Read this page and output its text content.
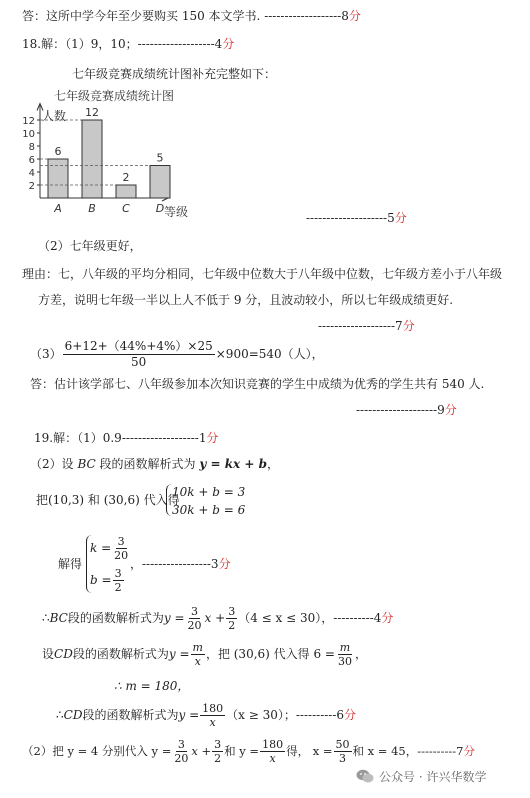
答：这所中学今年至少要购买 150 本文学书. -------------------8分
18.解：（1）9，10；-------------------4分
七年级竞赛成绩统计图补充完整如下：
七年级竞赛成绩统计图
人数
等级
2
4
6
8
10
12
6
A
12
B
2
C
5
D
--------------------5分
（2）七年级更好，
理由：七，八年级的平均分相同，七年级中位数大于八年级中位数，七年级方差小于八年级
方差，说明七年级一半以上人不低于 9 分，且波动较小，所以七年级成绩更好.
-------------------7分
$(3) \frac{6+12+(44\%+4\%)\times 25}{50} \times 900=540$（人），
答：估计该学部七、八年级参加本次知识竞赛的学生中成绩为优秀的学生共有 540 人.
--------------------9分
19.解：（1）0.9-------------------1分
（2）设 BC 段的函数解析式为 y = kx + b，
把(10,3) 和 (30,6) 代入得
10k + b = 3
30k + b = 6
解得
$k = \frac{3}{20}$
$b = \frac{3}{2}$
，-----------------3分
∴ BC 段的函数解析式为 $y = \frac{3}{20}$ $x + \frac{3}{2} (4 \le x \le 30)$， ----------4 分
设 CD 段的函数解析式为 $y = \frac{m}{x}$ ，把 (30,6) 代入得 $6 = \frac{m}{30}$ ，
∴ m = 180，
∴ CD 段的函数解析式为 $y = \frac{180}{x} (x \ge 30)$； ----------6 分
（2）把 y = 4 分别代入 $y = \frac{3}{20}$ $x + \frac{3}{2}$ 和 $y = \frac{180}{x}$ 得， $x = \frac{50}{3}$ 和 x = 45， ----------7 分
公众号 · 许兴华数学
